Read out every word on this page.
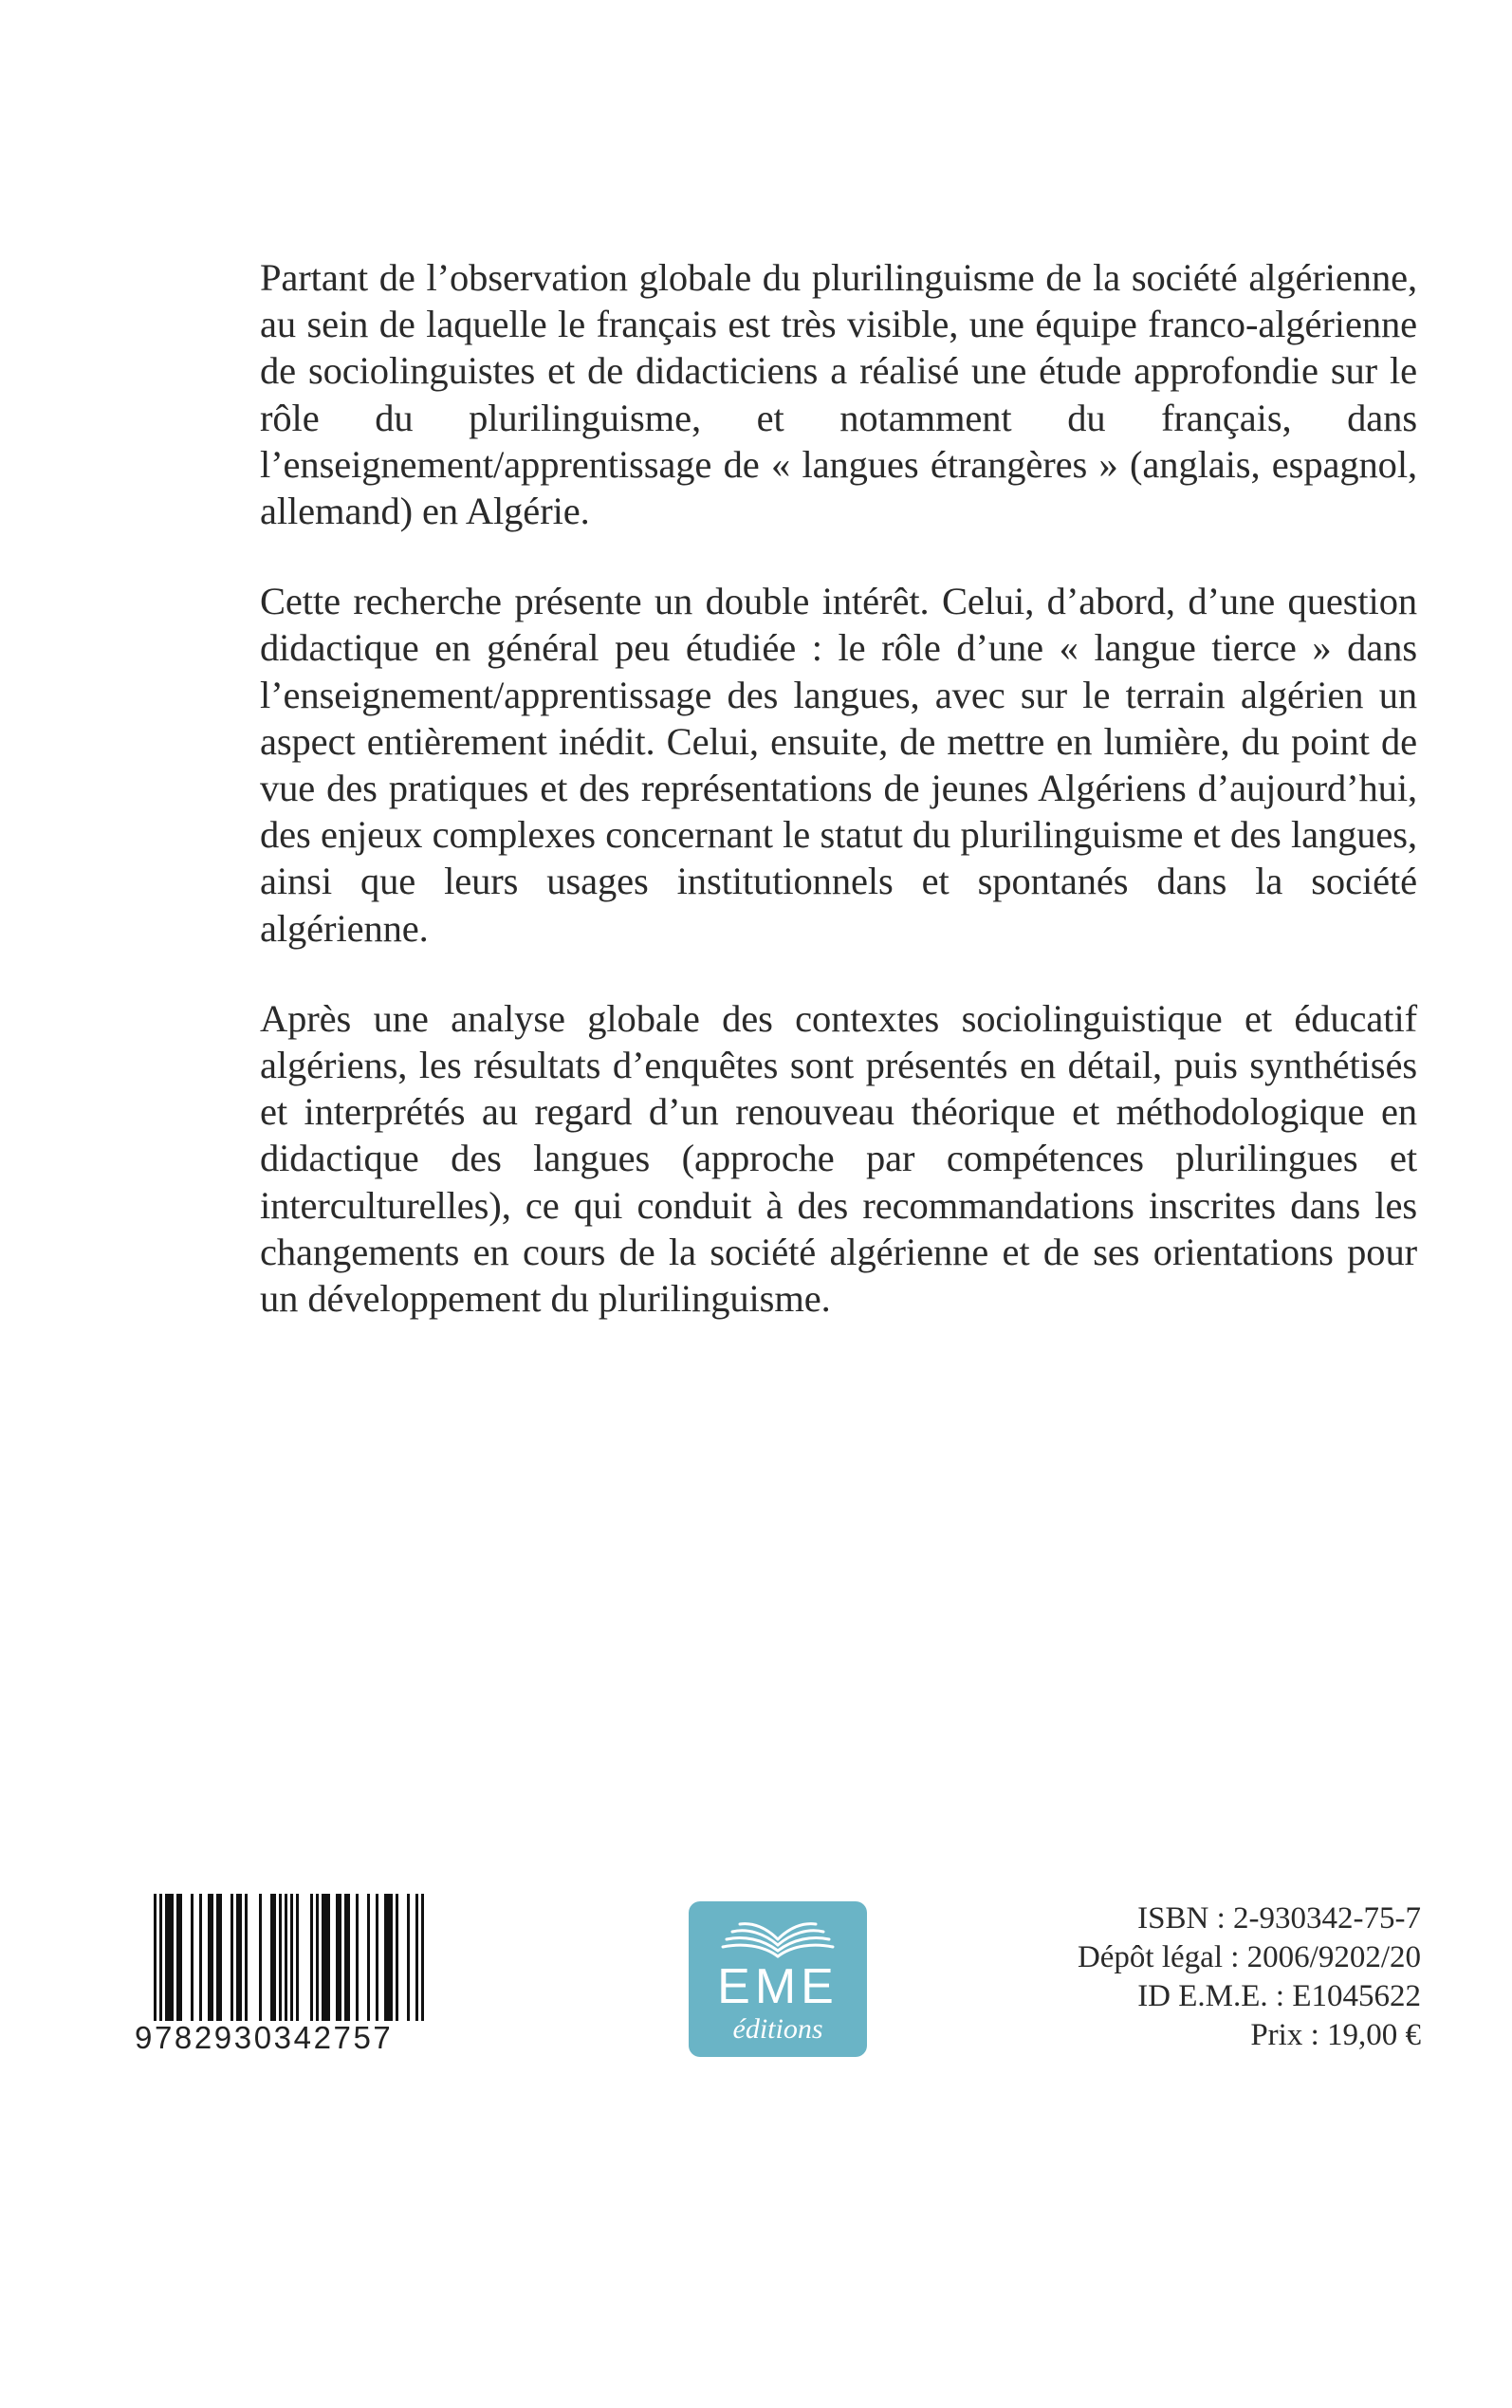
Partant de l’observation globale du plurilinguisme de la société algérienne, au sein de laquelle le français est très visible, une équipe franco-algérienne de sociolinguistes et de didacticiens a réalisé une étude approfondie sur le rôle du plurilinguisme, et notamment du français, dans l’enseignement/apprentissage de « langues étrangères » (anglais, espagnol, allemand) en Algérie.

Cette recherche présente un double intérêt. Celui, d’abord, d’une question didactique en général peu étudiée : le rôle d’une « langue tierce » dans l’enseignement/apprentissage des langues, avec sur le terrain algérien un aspect entièrement inédit. Celui, ensuite, de mettre en lumière, du point de vue des pratiques et des représentations de jeunes Algériens d’aujourd’hui, des enjeux complexes concernant le statut du plurilinguisme et des langues, ainsi que leurs usages institutionnels et spontanés dans la société algérienne.

Après une analyse globale des contextes sociolinguistique et éducatif algériens, les résultats d’enquêtes sont présentés en détail, puis synthétisés et interprétés au regard d’un renouveau théorique et méthodologique en didactique des langues (approche par compétences plurilingues et interculturelles), ce qui conduit à des recommandations inscrites dans les changements en cours de la société algérienne et de ses orientations pour un développement du plurilinguisme.

9782930342757
EME
éditions
ISBN : 2-930342-75-7
Dépôt légal : 2006/9202/20
ID E.M.E. : E1045622
Prix : 19,00 €
